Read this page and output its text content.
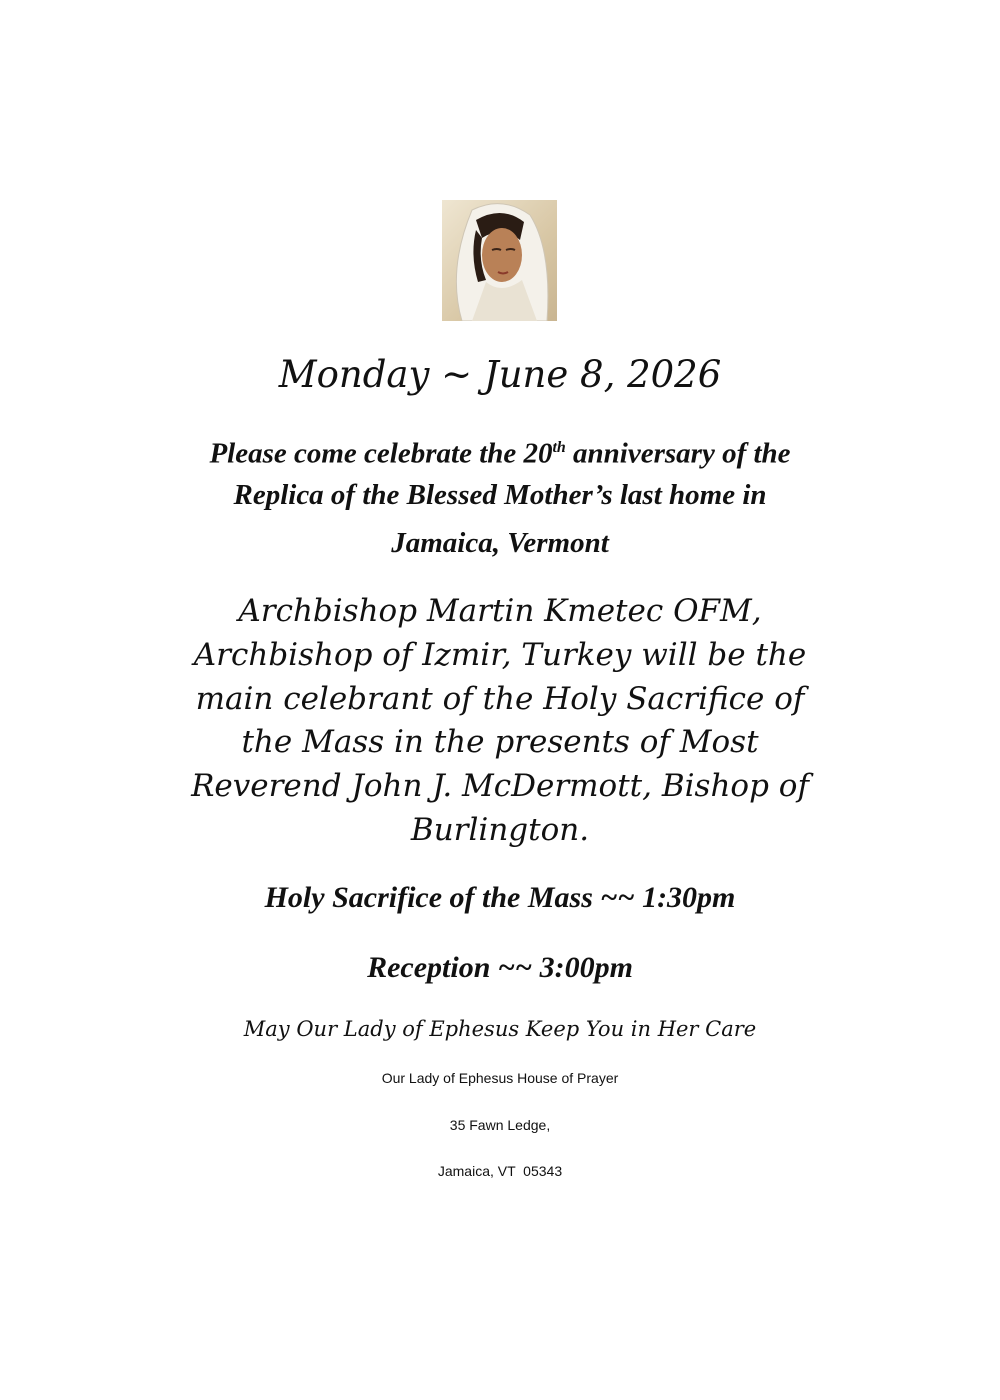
Monday ~ June 8, 2026
Please come celebrate the 20th anniversary of the
Replica of the Blessed Mother’s last home in
Jamaica, Vermont
Archbishop Martin Kmetec OFM,
Archbishop of Izmir, Turkey will be the
main celebrant of the Holy Sacrifice of
the Mass in the presents of Most
Reverend John J. McDermott, Bishop of
Burlington.
Holy Sacrifice of the Mass ~~ 1:30pm
Reception ~~ 3:00pm
May Our Lady of Ephesus Keep You in Her Care
Our Lady of Ephesus House of Prayer
35 Fawn Ledge,
Jamaica, VT  05343
